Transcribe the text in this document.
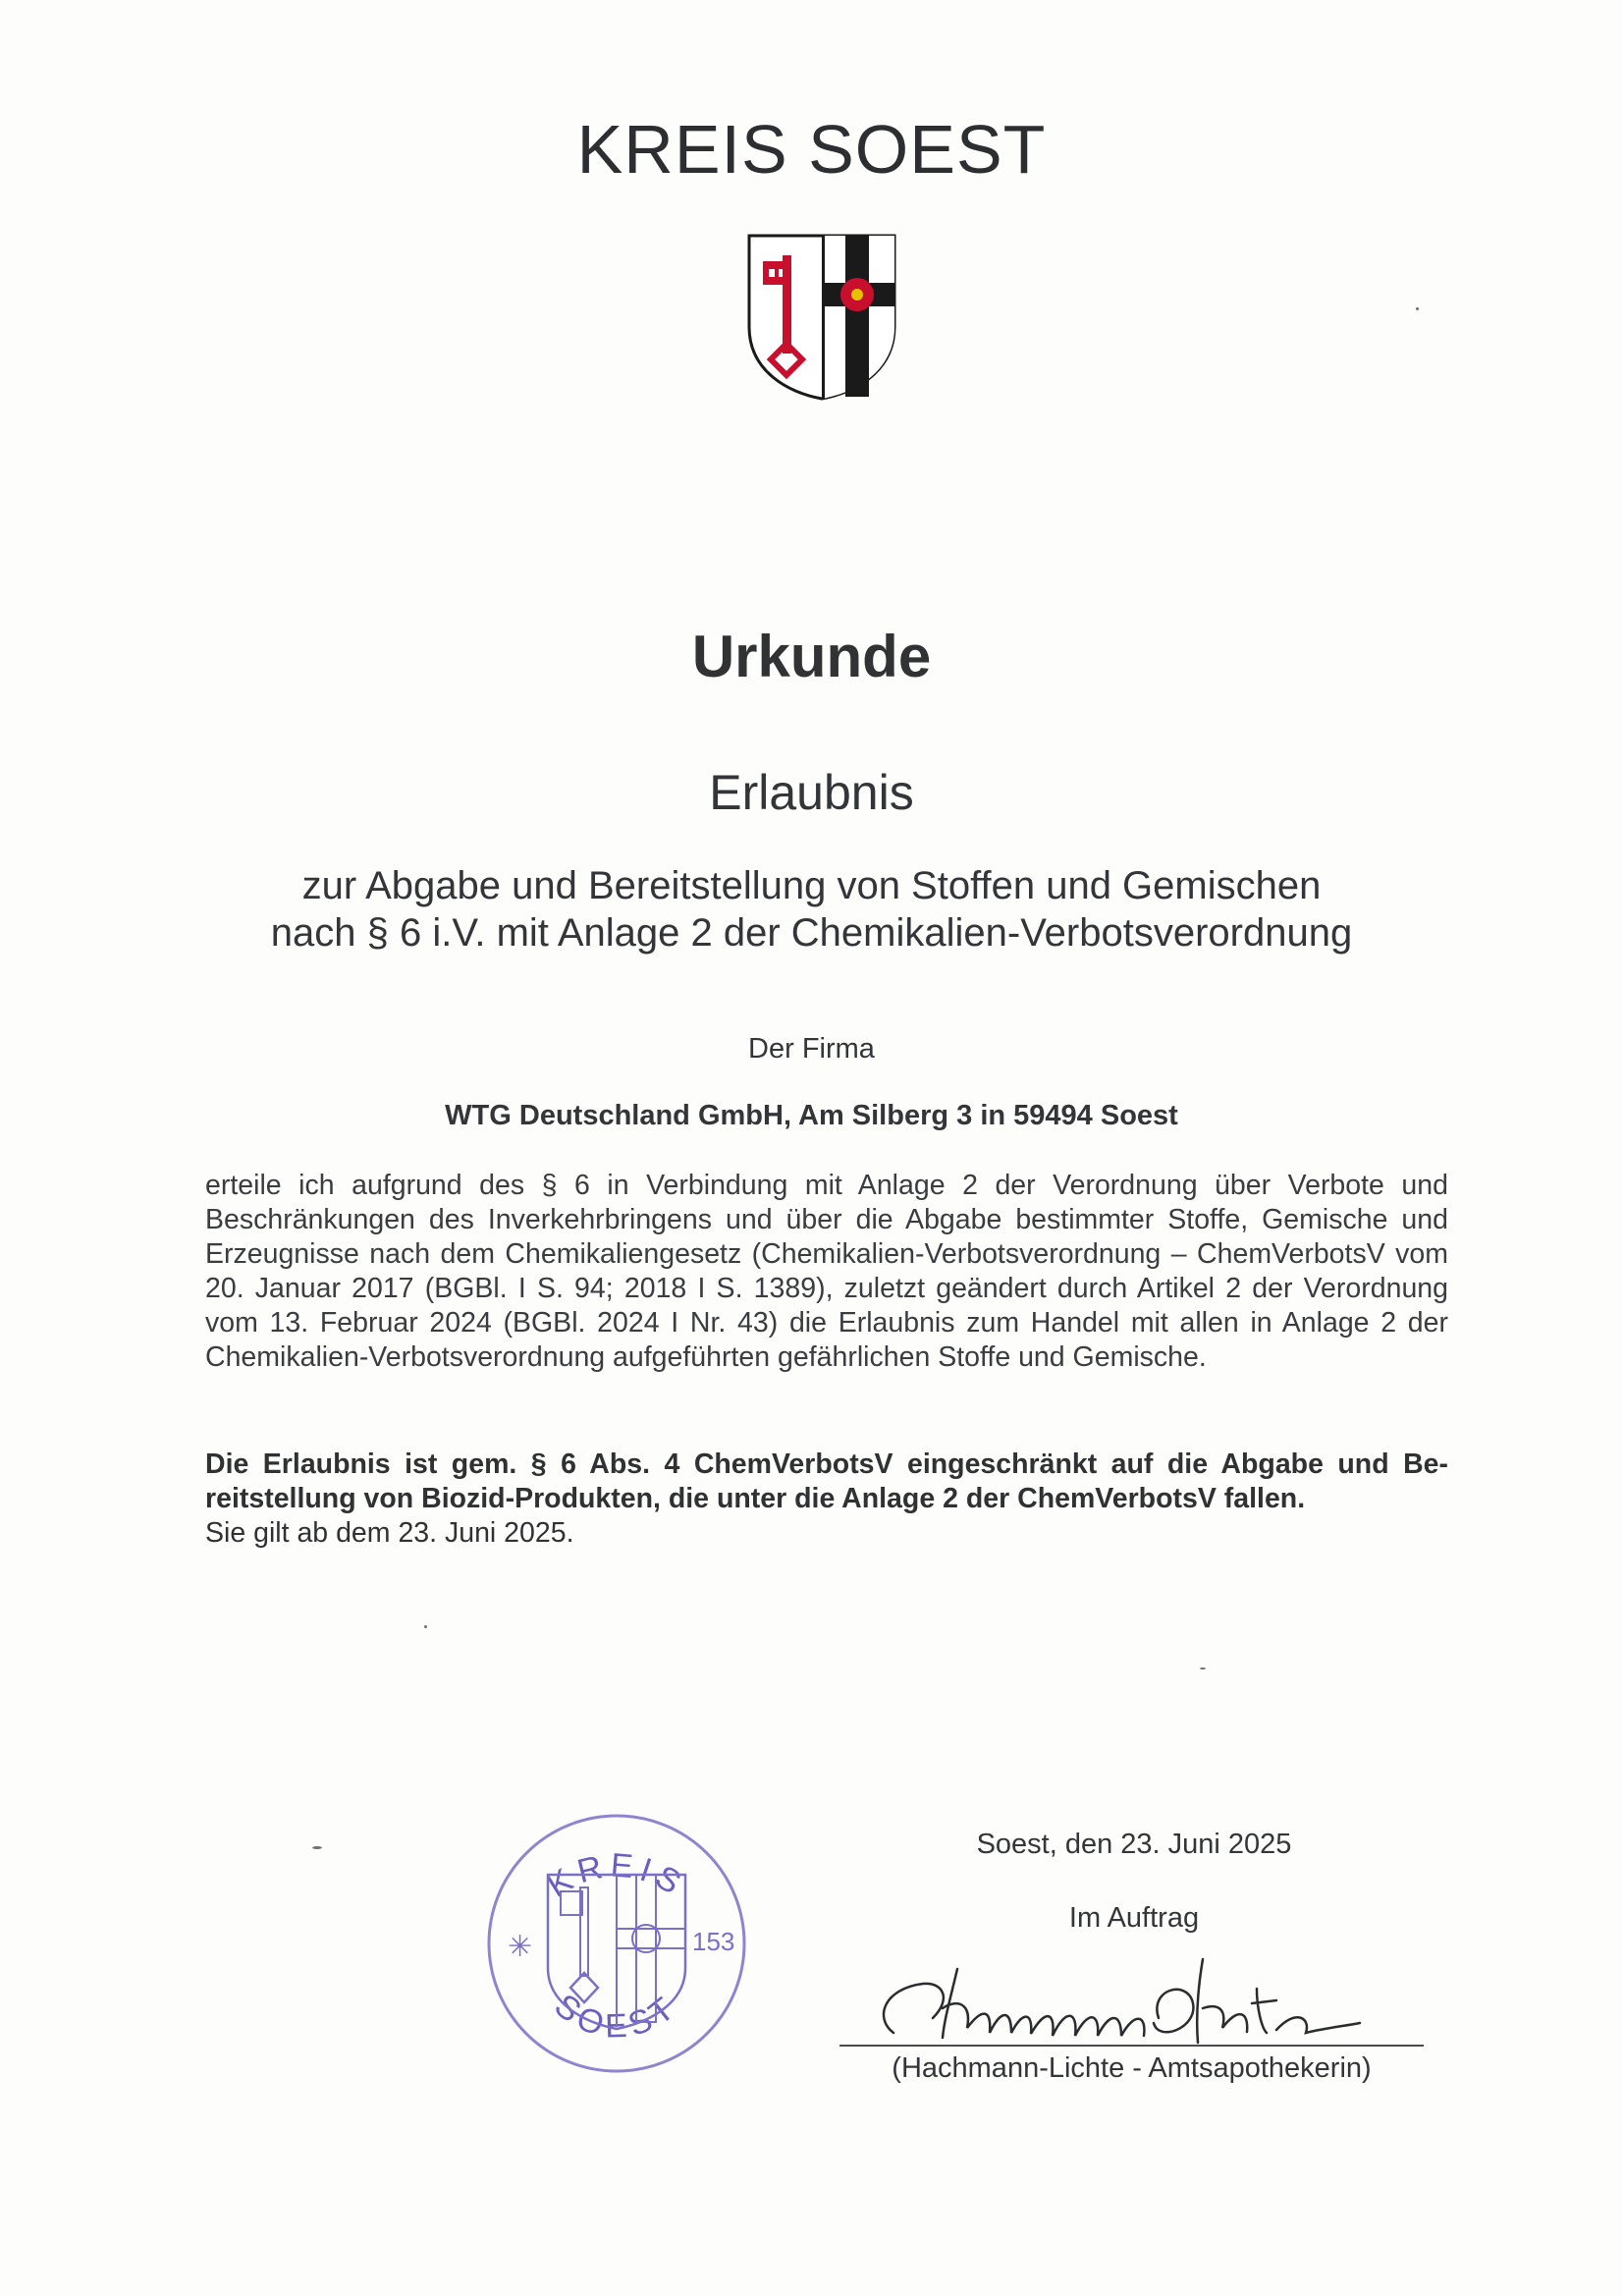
KREIS SOEST
Urkunde
Erlaubnis
zur Abgabe und Bereitstellung von Stoffen und Gemischen
nach § 6 i.V. mit Anlage 2 der Chemikalien-Verbotsverordnung
Der Firma
WTG Deutschland GmbH, Am Silberg 3 in 59494 Soest

erteile ich aufgrund des § 6 in Verbindung mit Anlage 2 der Verordnung über Verbote und Beschränkungen des Inverkehrbringens und über die Abgabe bestimmter Stoffe, Gemische und Erzeugnisse nach dem Chemikaliengesetz (Chemikalien-Verbotsverordnung – ChemVerbotsV vom 20. Januar 2017 (BGBl. I S. 94; 2018 I S. 1389), zuletzt geändert durch Artikel 2 der Verordnung vom 13. Februar 2024 (BGBl. 2024 I Nr. 43) die Erlaubnis zum Handel mit allen in Anlage 2 der Chemikalien-Verbotsverordnung aufgeführten gefährlichen Stoffe und Gemische.

Die Erlaubnis ist gem. § 6 Abs. 4 ChemVerbotsV eingeschränkt auf die Abgabe und Bereitstellung von Biozid-Produkten, die unter die Anlage 2 der ChemVerbotsV fallen.
Sie gilt ab dem 23. Juni 2025.
KREIS
SOEST
✳	153
Soest, den 23. Juni 2025
Im Auftrag
(Hachmann-Lichte - Amtsapothekerin)
